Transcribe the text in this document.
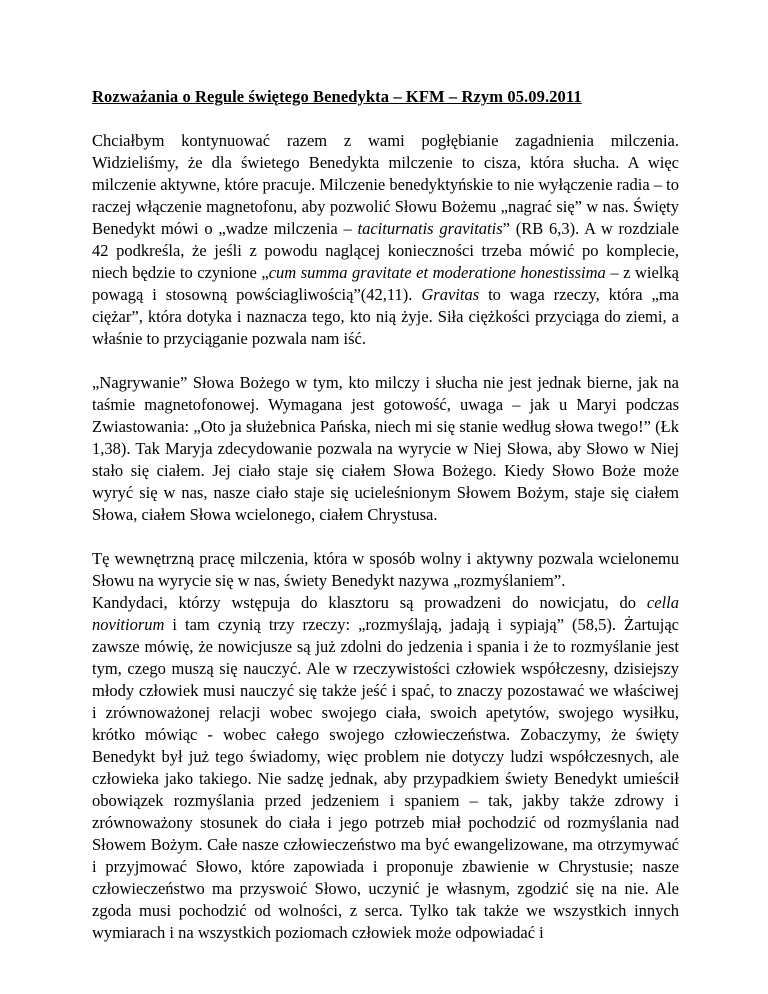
Rozważania o Regule świętego Benedykta – KFM – Rzym 05.09.2011

Chciałbym kontynuować razem z wami pogłębianie zagadnienia milczenia. Widzieliśmy, że dla świetego Benedykta milczenie to cisza, która słucha. A więc milczenie aktywne, które pracuje. Milczenie benedyktyńskie to nie wyłączenie radia – to raczej włączenie magnetofonu, aby pozwolić Słowu Bożemu „nagrać się” w nas. Święty Benedykt mówi o „wadze milczenia – taciturnatis gravitatis” (RB 6,3). A w rozdziale 42 podkreśla, że jeśli z powodu naglącej konieczności trzeba mówić po komplecie, niech będzie to czynione „cum summa gravitate et moderatione honestissima – z wielką powagą i stosowną powściagliwością”(42,11). Gravitas to waga rzeczy, która „ma ciężar”, która dotyka i naznacza tego, kto nią żyje. Siła ciężkości przyciąga do ziemi, a właśnie to przyciąganie pozwala nam iść.

„Nagrywanie” Słowa Bożego w tym, kto milczy i słucha nie jest jednak bierne, jak na taśmie magnetofonowej. Wymagana jest gotowość, uwaga – jak u Maryi podczas Zwiastowania: „Oto ja służebnica Pańska, niech mi się stanie według słowa twego!” (Łk 1,38). Tak Maryja zdecydowanie pozwala na wyrycie w Niej Słowa, aby Słowo w Niej stało się ciałem. Jej ciało staje się ciałem Słowa Bożego. Kiedy Słowo Boże może wyryć się w nas, nasze ciało staje się ucieleśnionym Słowem Bożym, staje się ciałem Słowa, ciałem Słowa wcielonego, ciałem Chrystusa.

Tę wewnętrzną pracę milczenia, która w sposób wolny i aktywny pozwala wcielonemu Słowu na wyrycie się w nas, świety Benedykt nazywa „rozmyślaniem”.

Kandydaci, którzy wstępuja do klasztoru są prowadzeni do nowicjatu, do cella novitiorum i tam czynią trzy rzeczy: „rozmyślają, jadają i sypiają” (58,5). Żartując zawsze mówię, że nowicjusze są już zdolni do jedzenia i spania i że to rozmyślanie jest tym, czego muszą się nauczyć. Ale w rzeczywistości człowiek współczesny, dzisiejszy młody człowiek musi nauczyć się także jeść i spać, to znaczy pozostawać we właściwej i zrównoważonej relacji wobec swojego ciała, swoich apetytów, swojego wysiłku, krótko mówiąc - wobec całego swojego człowieczeństwa. Zobaczymy, że święty Benedykt był już tego świadomy, więc problem nie dotyczy ludzi współczesnych, ale człowieka jako takiego. Nie sadzę jednak, aby przypadkiem świety Benedykt umieścił obowiązek rozmyślania przed jedzeniem i spaniem – tak, jakby także zdrowy i zrównoważony stosunek do ciała i jego potrzeb miał pochodzić od rozmyślania nad Słowem Bożym. Całe nasze człowieczeństwo ma być ewangelizowane, ma otrzymywać i przyjmować Słowo, które zapowiada i proponuje zbawienie w Chrystusie; nasze człowieczeństwo ma przyswoić Słowo, uczynić je własnym, zgodzić się na nie. Ale zgoda musi pochodzić od wolności, z serca. Tylko tak także we wszystkich innych wymiarach i na wszystkich poziomach człowiek może odpowiadać i
